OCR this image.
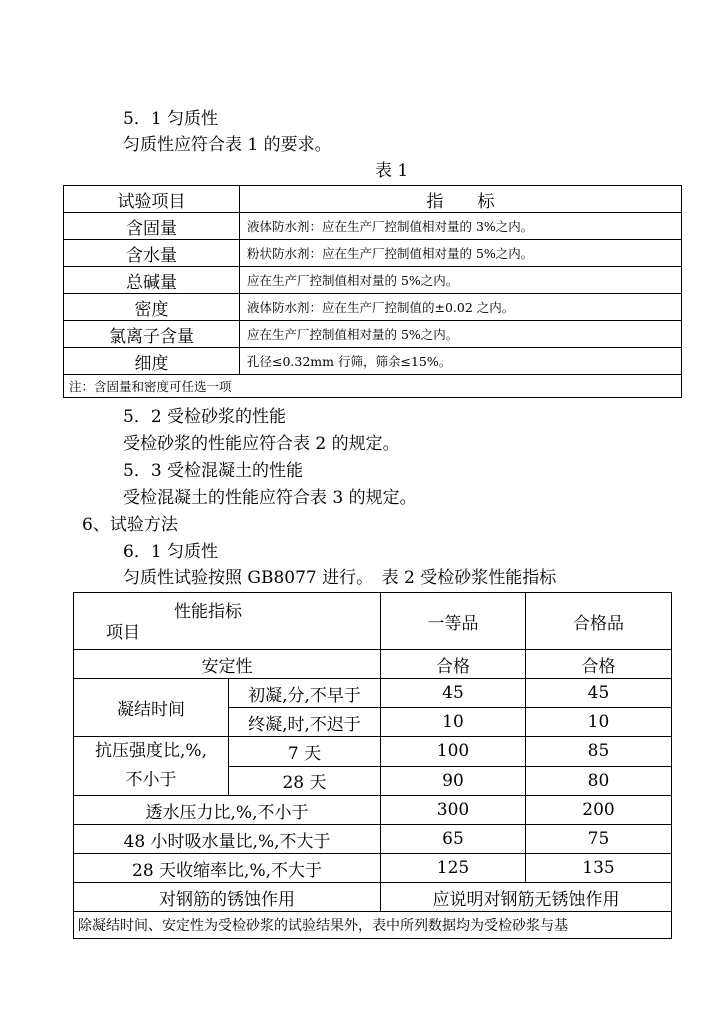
5．1 匀质性
匀质性应符合表 1 的要求。
表 1
试验项目	指　　标
含固量	液体防水剂：应在生产厂控制值相对量的 3%之内。
含水量	粉状防水剂：应在生产厂控制值相对量的 5%之内。
总碱量	应在生产厂控制值相对量的 5%之内。
密度	液体防水剂：应在生产厂控制值的±0.02 之内。
氯离子含量	应在生产厂控制值相对量的 5%之内。
细度	孔径≤0.32mm 行筛，筛余≤15%。
注：含固量和密度可任选一项	
5．2 受检砂浆的性能
受检砂浆的性能应符合表 2 的规定。
5．3 受检混凝土的性能
受检混凝土的性能应符合表 3 的规定。
6、试验方法
6．1 匀质性
匀质性试验按照 GB8077 进行。　表 2 受检砂浆性能指标
性能指标
项目		一等品	合格品
安定性		合格	合格
凝结时间	初凝,分,不早于	45	45
	终凝,时,不迟于	10	10

抗压强度比,%,
不小于	7 天	100	85
	28 天	90	80
透水压力比,%,不小于		300	200
48 小时吸水量比,%,不大于		65	75
28 天收缩率比,%,不大于		125	135
对钢筋的锈蚀作用		应说明对钢筋无锈蚀作用	
除凝结时间、安定性为受检砂浆的试验结果外，表中所列数据均为受检砂浆与基			
